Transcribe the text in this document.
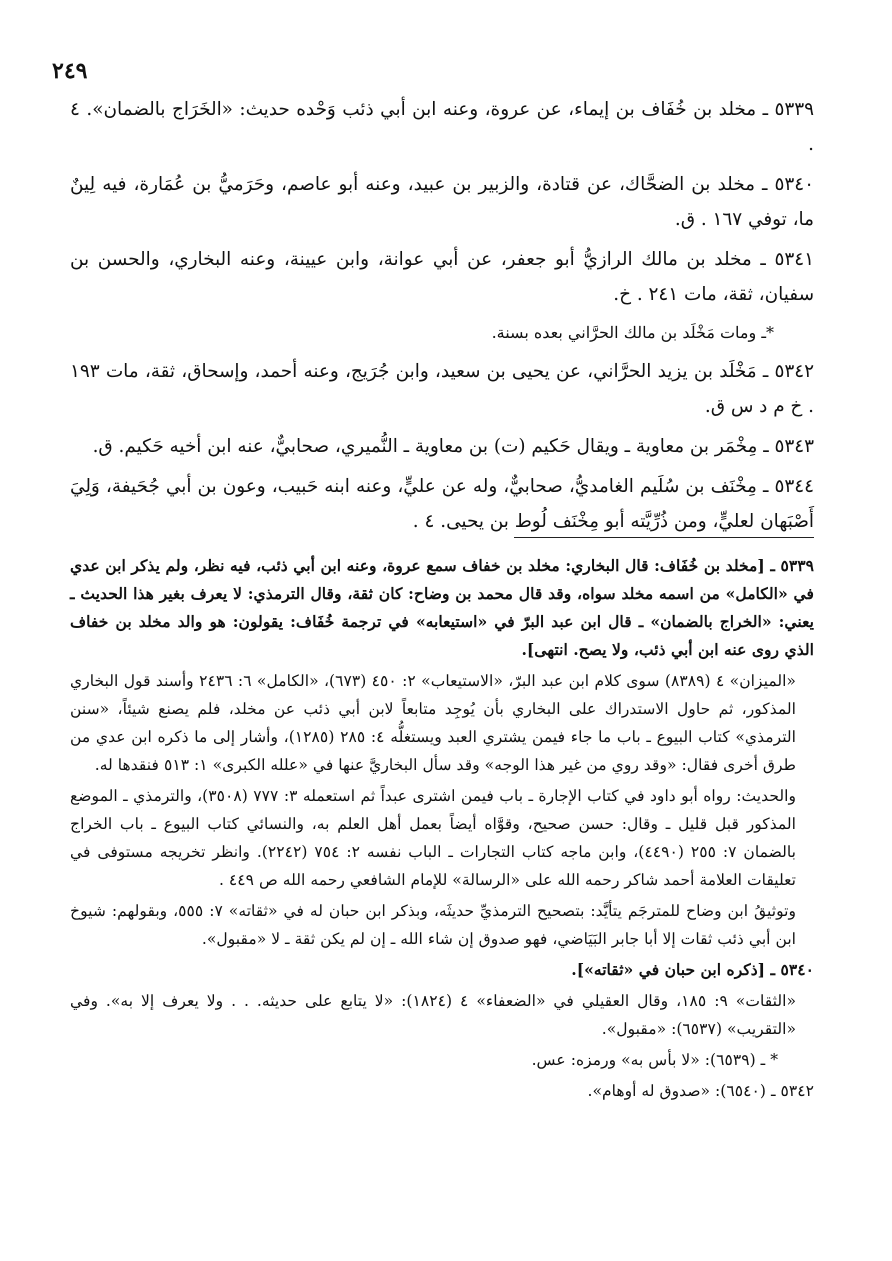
٢٤٩

٥٣٣٩ ـ مخلد بن خُفَاف بن إيماء، عن عروة، وعنه ابن أبي ذئب وَحْده حديث: «الخَرَاج بالضمان». ٤ .

٥٣٤٠ ـ مخلد بن الضحَّاك، عن قتادة، والزبير بن عبيد، وعنه أبو عاصم، وحَرَميُّ بن عُمَارة، فيه لِينٌ ما، توفي ١٦٧ . ق.

٥٣٤١ ـ مخلد بن مالك الرازيُّ أبو جعفر، عن أبي عوانة، وابن عيينة، وعنه البخاري، والحسن بن سفيان، ثقة، مات ٢٤١ . خ.

*ـ ومات مَخْلَد بن مالك الحرَّاني بعده بسنة.

٥٣٤٢ ـ مَخْلَد بن يزيد الحرَّاني، عن يحيى بن سعيد، وابن جُرَيج، وعنه أحمد، وإسحاق، ثقة، مات ١٩٣ . خ م د س ق.

٥٣٤٣ ـ مِخْمَر بن معاوية ـ ويقال حَكيم (ت) بن معاوية ـ النُّميري، صحابيٌّ، عنه ابن أخيه حَكيم. ق.

٥٣٤٤ ـ مِخْنَف بن سُلَيم الغامديُّ، صحابيٌّ، وله عن عليٍّ، وعنه ابنه حَبيب، وعون بن أبي جُحَيفة، وَلِيَ أَصْبَهان لعليٍّ، ومن ذُرِّيَّته أبو مِخْنَف لُوط بن يحيى. ٤ .

٥٣٣٩ ـ [مخلد بن خُفَاف: قال البخاري: مخلد بن خفاف سمع عروة، وعنه ابن أبي ذئب، فيه نظر، ولم يذكر ابن عدي في «الكامل» من اسمه مخلد سواه، وقد قال محمد بن وضاح: كان ثقة، وقال الترمذي: لا يعرف بغير هذا الحديث ـ يعني: «الخراج بالضمان» ـ قال ابن عبد البرّ في «استيعابه» في ترجمة خُفَاف: يقولون: هو والد مخلد بن خفاف الذي روى عنه ابن أبي ذئب، ولا يصح. انتهى].

«الميزان» ٤ (٨٣٨٩) سوى كلام ابن عبد البرّ، «الاستيعاب» ٢: ٤٥٠ (٦٧٣)، «الكامل» ٦: ٢٤٣٦ وأسند قول البخاري المذكور، ثم حاول الاستدراك على البخاري بأن يُوجِد متابعاً لابن أبي ذئب عن مخلد، فلم يصنع شيئاً، «سنن الترمذي» كتاب البيوع ـ باب ما جاء فيمن يشتري العبد ويستغلُّه ٤: ٢٨٥ (١٢٨٥)، وأشار إلى ما ذكره ابن عدي من طرق أخرى فقال: «وقد روي من غير هذا الوجه» وقد سأل البخاريَّ عنها في «علله الكبرى» ١: ٥١٣ فنقدها له.

والحديث: رواه أبو داود في كتاب الإجارة ـ باب فيمن اشترى عبداً ثم استعمله ٣: ٧٧٧ (٣٥٠٨)، والترمذي ـ الموضع المذكور قبل قليل ـ وقال: حسن صحيح، وقوَّاه أيضاً بعمل أهل العلم به، والنسائي كتاب البيوع ـ باب الخراج بالضمان ٧: ٢٥٥ (٤٤٩٠)، وابن ماجه كتاب التجارات ـ الباب نفسه ٢: ٧٥٤ (٢٢٤٢). وانظر تخريجه مستوفى في تعليقات العلامة أحمد شاكر رحمه الله على «الرسالة» للإمام الشافعي رحمه الله ص ٤٤٩ .

وتوثيقُ ابن وضاح للمترجَم يتأيَّد: بتصحيح الترمذيِّ حديثَه، وبذكر ابن حبان له في «ثقاته» ٧: ٥٥٥، وبقولهم: شيوخ ابن أبي ذئب ثقات إلا أبا جابر البَيَاضي، فهو صدوق إن شاء الله ـ إن لم يكن ثقة ـ لا «مقبول».

٥٣٤٠ ـ [ذكره ابن حبان في «ثقاته»].

«الثقات» ٩: ١٨٥، وقال العقيلي في «الضعفاء» ٤ (١٨٢٤): «لا يتابع على حديثه. . . ولا يعرف إلا به». وفي «التقريب» (٦٥٣٧): «مقبول».

* ـ (٦٥٣٩): «لا بأس به» ورمزه: عس.

٥٣٤٢ ـ (٦٥٤٠): «صدوق له أوهام».
